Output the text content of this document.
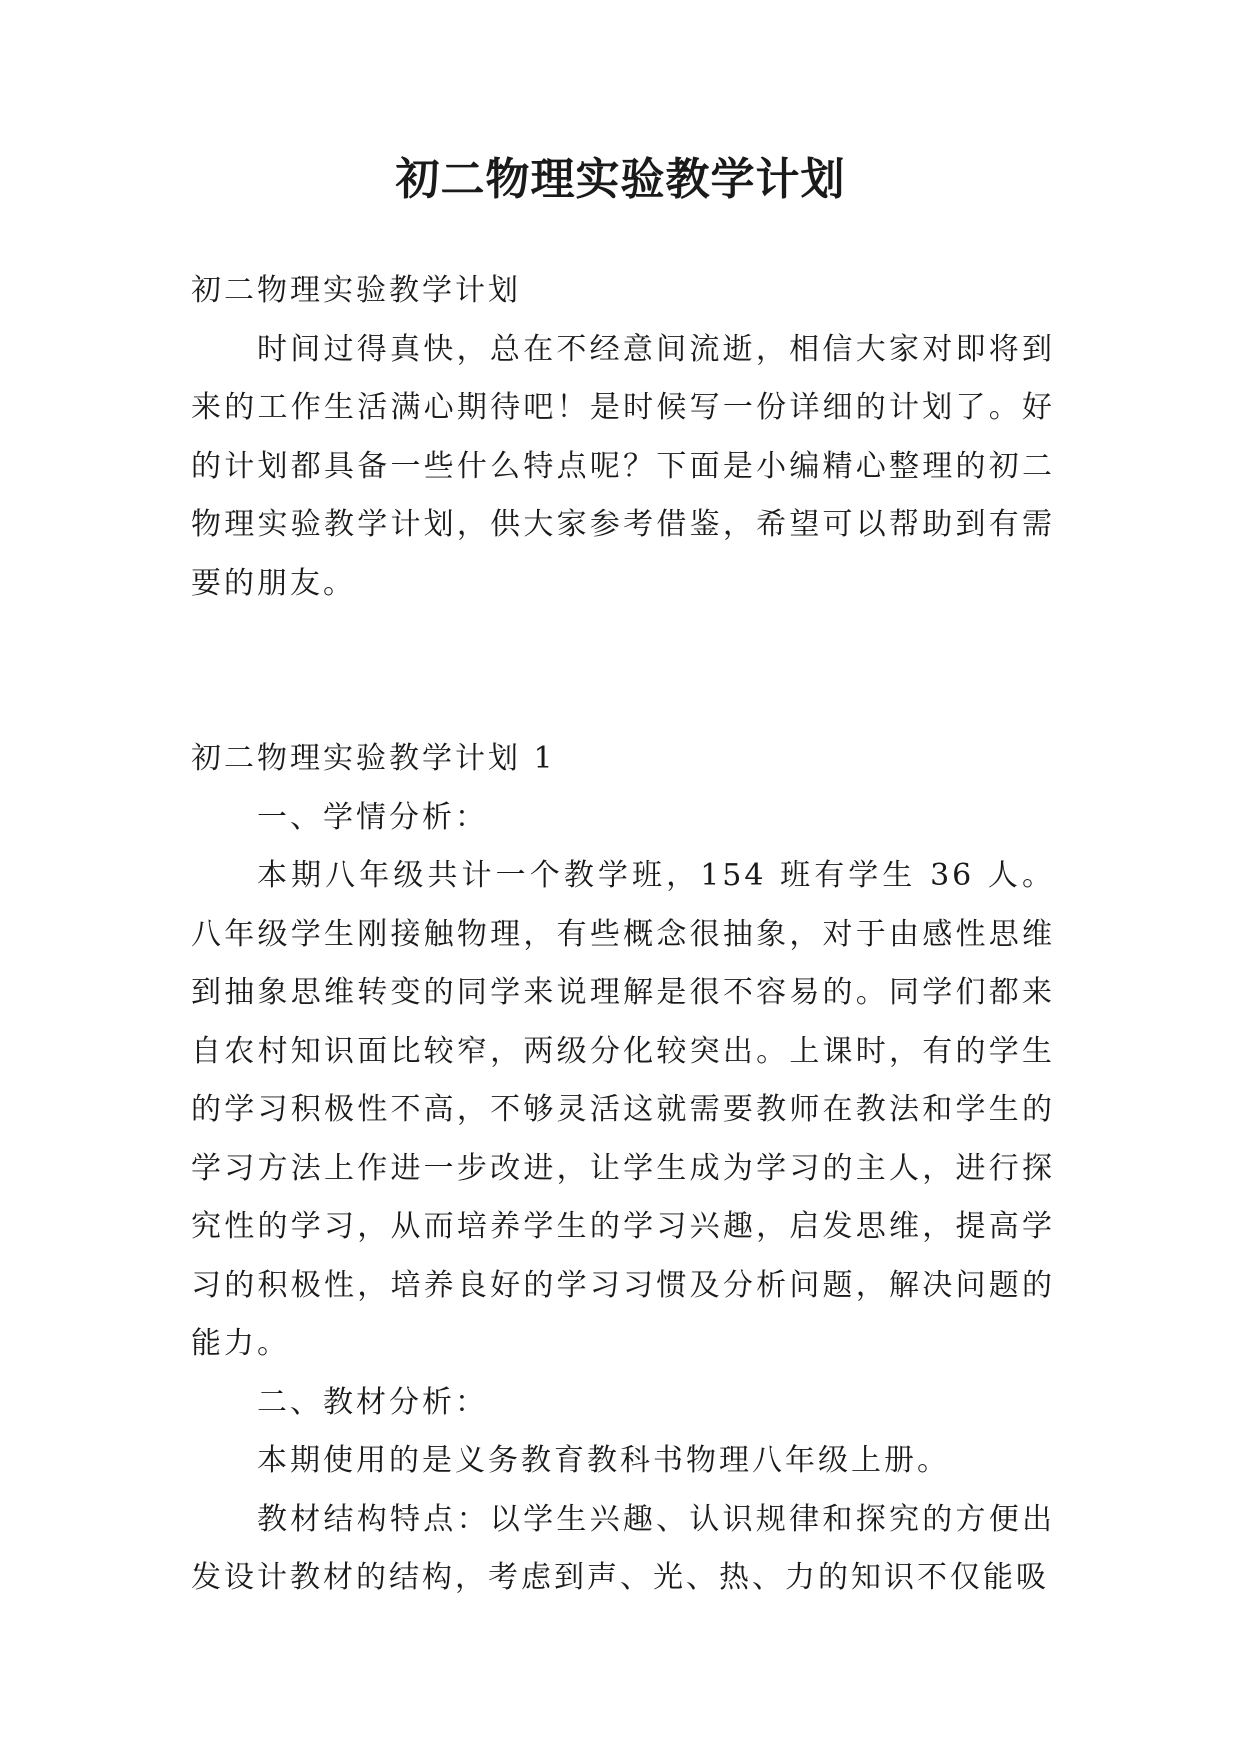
初二物理实验教学计划

初二物理实验教学计划

时间过得真快，总在不经意间流逝，相信大家对即将到来的工作生活满心期待吧！是时候写一份详细的计划了。好的计划都具备一些什么特点呢？下面是小编精心整理的初二物理实验教学计划，供大家参考借鉴，希望可以帮助到有需要的朋友。

初二物理实验教学计划 1

一、学情分析：

本期八年级共计一个教学班，154 班有学生 36 人。八年级学生刚接触物理，有些概念很抽象，对于由感性思维到抽象思维转变的同学来说理解是很不容易的。同学们都来自农村知识面比较窄，两级分化较突出。上课时，有的学生的学习积极性不高，不够灵活这就需要教师在教法和学生的学习方法上作进一步改进，让学生成为学习的主人，进行探究性的学习，从而培养学生的学习兴趣，启发思维，提高学习的积极性，培养良好的学习习惯及分析问题，解决问题的能力。

二、教材分析：

本期使用的是义务教育教科书物理八年级上册。

教材结构特点：以学生兴趣、认识规律和探究的方便出发设计教材的结构，考虑到声、光、热、力的知识不仅能吸
